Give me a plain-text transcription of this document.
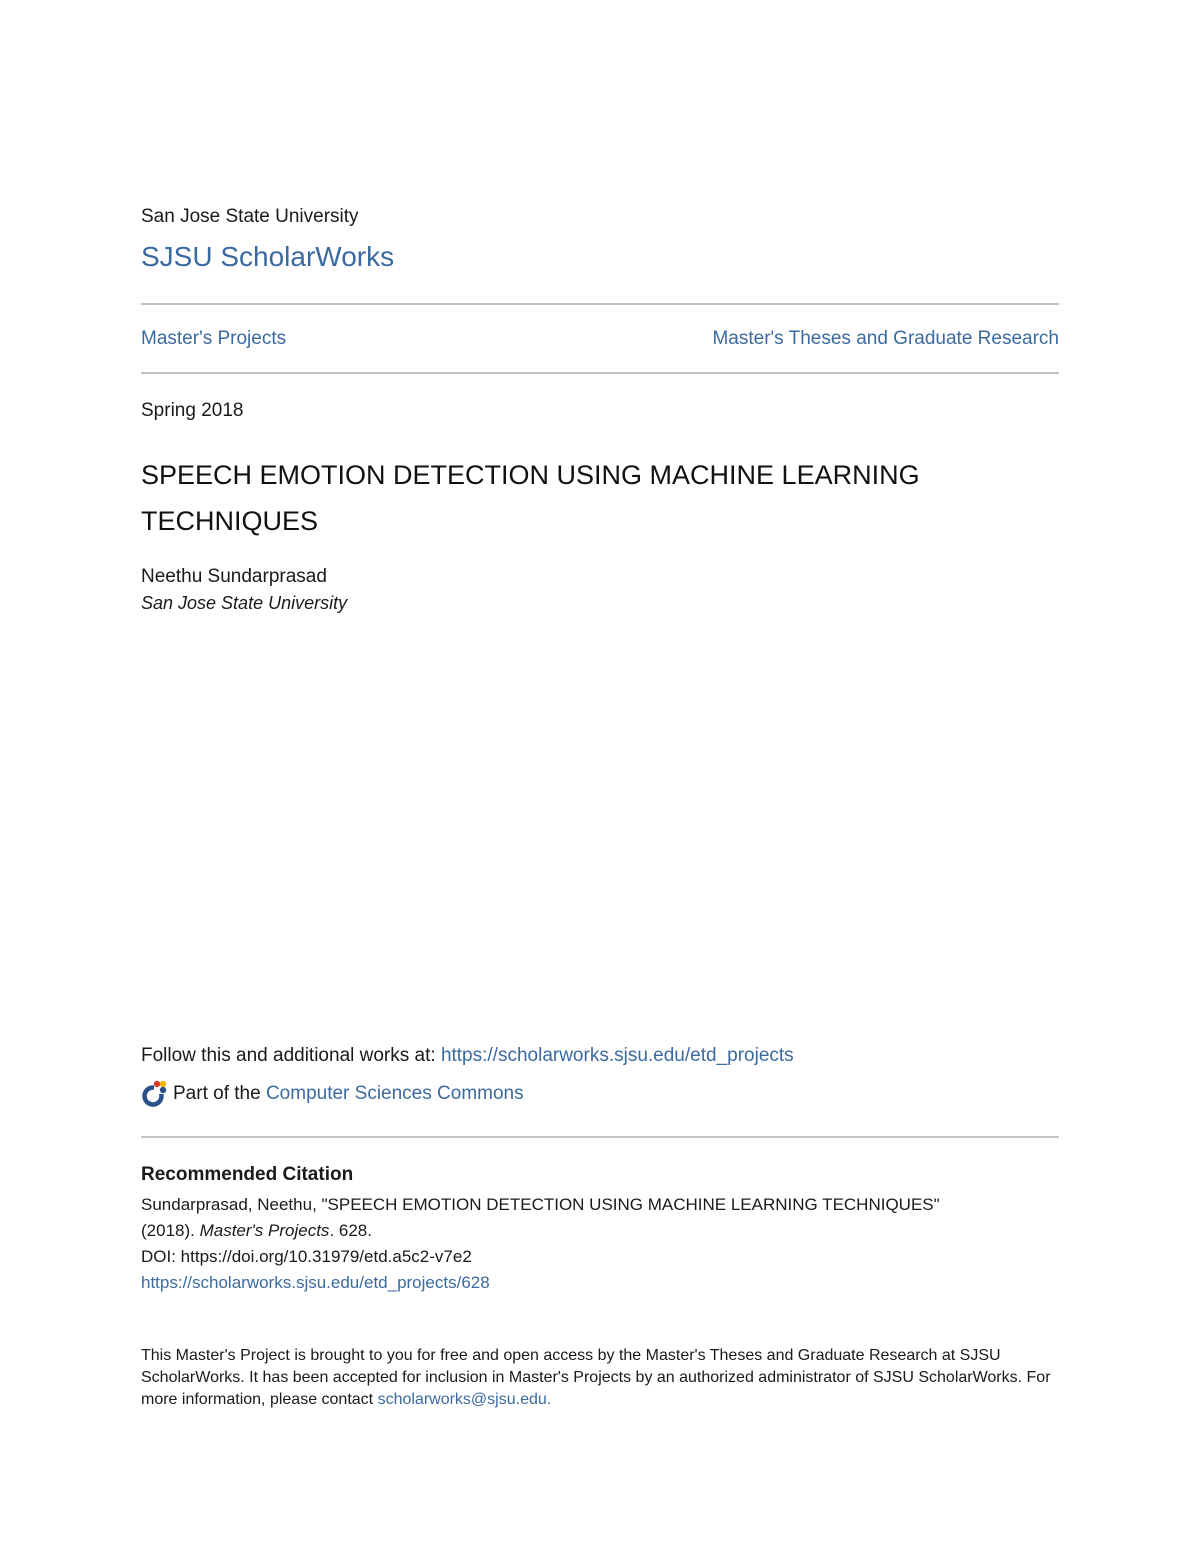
San Jose State University
SJSU ScholarWorks
Master's Projects	Master's Theses and Graduate Research
Spring 2018
SPEECH EMOTION DETECTION USING MACHINE LEARNING TECHNIQUES
Neethu Sundarprasad
San Jose State University
Follow this and additional works at: https://scholarworks.sjsu.edu/etd_projects
Part of the
Computer Sciences Commons
Recommended Citation
Sundarprasad, Neethu, "SPEECH EMOTION DETECTION USING MACHINE LEARNING TECHNIQUES"
(2018). Master's Projects. 628.
DOI: https://doi.org/10.31979/etd.a5c2-v7e2
https://scholarworks.sjsu.edu/etd_projects/628
This Master's Project is brought to you for free and open access by the Master's Theses and Graduate Research at SJSU ScholarWorks. It has been accepted for inclusion in Master's Projects by an authorized administrator of SJSU ScholarWorks. For more information, please contact scholarworks@sjsu.edu.
